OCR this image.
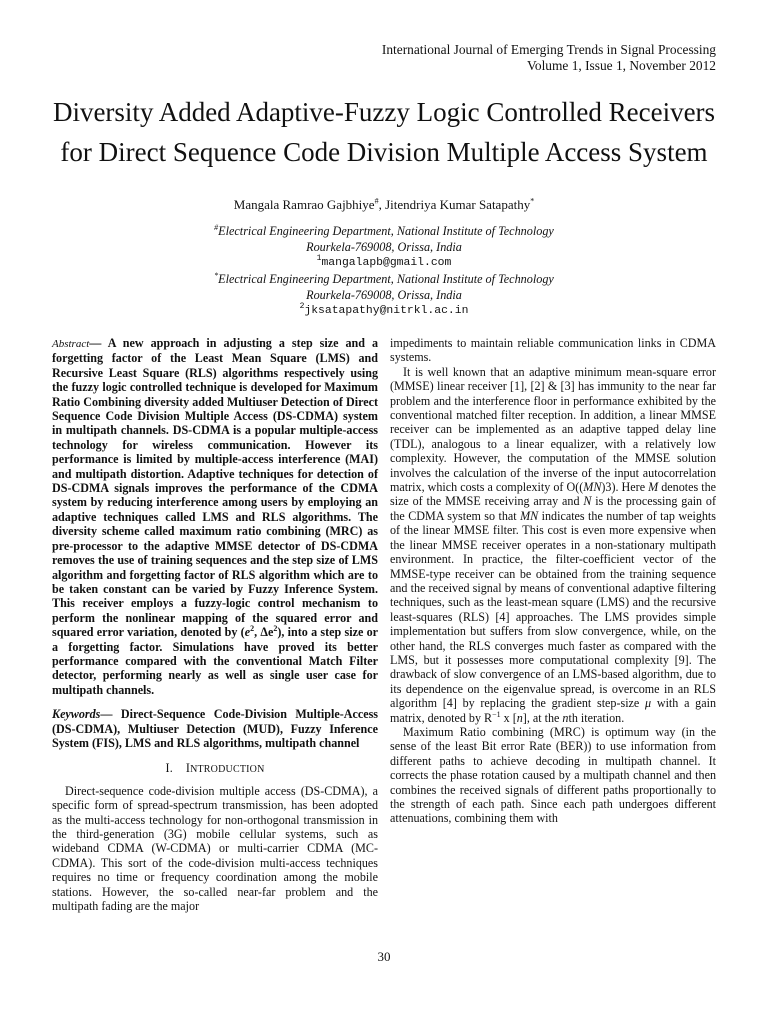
International Journal of Emerging Trends in Signal Processing
Volume 1, Issue 1, November 2012
Diversity Added Adaptive-Fuzzy Logic Controlled Receivers for Direct Sequence Code Division Multiple Access System
Mangala Ramrao Gajbhiye#, Jitendriya Kumar Satapathy*
#Electrical Engineering Department, National Institute of Technology
Rourkela-769008, Orissa, India
$^1$mangalapb@gmail.com
*Electrical Engineering Department, National Institute of Technology
Rourkela-769008, Orissa, India
$^2$jksatapathy@nitrkl.ac.in

Abstract— A new approach in adjusting a step size and a forgetting factor of the Least Mean Square (LMS) and Recursive Least Square (RLS) algorithms respectively using the fuzzy logic controlled technique is developed for Maximum Ratio Combining diversity added Multiuser Detection of Direct Sequence Code Division Multiple Access (DS-CDMA) system in multipath channels. DS-CDMA is a popular multiple-access technology for wireless communication. However its performance is limited by multiple-access interference (MAI) and multipath distortion. Adaptive techniques for detection of DS-CDMA signals improves the performance of the CDMA system by reducing interference among users by employing an adaptive techniques called LMS and RLS algorithms. The diversity scheme called maximum ratio combining (MRC) as pre-processor to the adaptive MMSE detector of DS-CDMA removes the use of training sequences and the step size of LMS algorithm and forgetting factor of RLS algorithm which are to be taken constant can be varied by Fuzzy Inference System. This receiver employs a fuzzy-logic control mechanism to perform the nonlinear mapping of the squared error and squared error variation, denoted by ($e^2$, $\Delta e^2$), into a step size or a forgetting factor. Simulations have proved its better performance compared with the conventional Match Filter detector, performing nearly as well as single user case for multipath channels.

Keywords— Direct-Sequence Code-Division Multiple-Access (DS-CDMA), Multiuser Detection (MUD), Fuzzy Inference System (FIS), LMS and RLS algorithms, multipath channel

I. INTRODUCTION

Direct-sequence code-division multiple access (DS-CDMA), a specific form of spread-spectrum transmission, has been adopted as the multi-access technology for non-orthogonal transmission in the third-generation (3G) mobile cellular systems, such as wideband CDMA (W-CDMA) or multi-carrier CDMA (MC-CDMA). This sort of the code-division multi-access techniques requires no time or frequency coordination among the mobile stations. However, the so-called near-far problem and the multipath fading are the major

impediments to maintain reliable communication links in CDMA systems.

It is well known that an adaptive minimum mean-square error (MMSE) linear receiver [1], [2] & [3] has immunity to the near far problem and the interference floor in performance exhibited by the conventional matched filter reception. In addition, a linear MMSE receiver can be implemented as an adaptive tapped delay line (TDL), analogous to a linear equalizer, with a relatively low complexity. However, the computation of the MMSE solution involves the calculation of the inverse of the input autocorrelation matrix, which costs a complexity of O((MN)3). Here M denotes the size of the MMSE receiving array and N is the processing gain of the CDMA system so that MN indicates the number of tap weights of the linear MMSE filter. This cost is even more expensive when the linear MMSE receiver operates in a non-stationary multipath environment. In practice, the filter-coefficient vector of the MMSE-type receiver can be obtained from the training sequence and the received signal by means of conventional adaptive filtering techniques, such as the least-mean square (LMS) and the recursive least-squares (RLS) [4] approaches. The LMS provides simple implementation but suffers from slow convergence, while, on the other hand, the RLS converges much faster as compared with the LMS, but it possesses more computational complexity [9]. The drawback of slow convergence of an LMS-based algorithm, due to its dependence on the eigenvalue spread, is overcome in an RLS algorithm [4] by replacing the gradient step-size μ with a gain matrix, denoted by $R^{-1}$ x [n], at the nth iteration.

Maximum Ratio combining (MRC) is optimum way (in the sense of the least Bit error Rate (BER)) to use information from different paths to achieve decoding in multipath channel. It corrects the phase rotation caused by a multipath channel and then combines the received signals of different paths proportionally to the strength of each path. Since each path undergoes different attenuations, combining them with

30
